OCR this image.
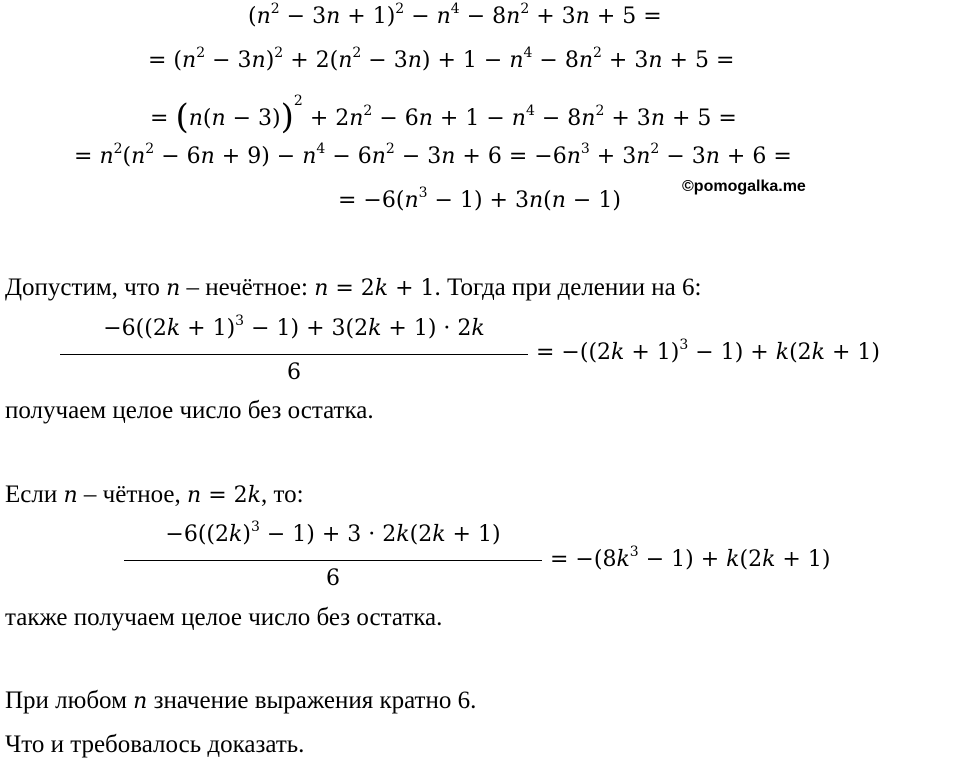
$(n^2 - 3n + 1)^2 - n^4 - 8n^2 + 3n + 5$ =
= $(n^2 - 3n)^2 + 2(n^2 - 3n) + 1 - n^4 - 8n^2 + 3n + 5$ =
= $(n(n - 3))^2 + 2n^2 - 6n + 1 - n^4 - 8n^2 + 3n + 5$ =
= $n^2(n^2 - 6n + 9) - n^4 - 6n^2 - 3n + 6 = -6n^3 + 3n^2 - 3n + 6$ =
= $-6(n^3 - 1) + 3n(n - 1)$
©pomogalka.me
Допустим, что n – нечётное: n = 2k + 1. Тогда при делении на 6:
$-6((2k + 1)^3 - 1) + 3(2k + 1) \cdot 2k$
6
= $-((2k + 1)^3 - 1) + k(2k + 1)$
получаем целое число без остатка.
Если n – чётное, n = 2k, то:
$-6((2k)^3 - 1) + 3 \cdot 2k(2k + 1)$
6
= $-(8k^3 - 1) + k(2k + 1)$
также получаем целое число без остатка.
При любом n значение выражения кратно 6.
Что и требовалось доказать.
